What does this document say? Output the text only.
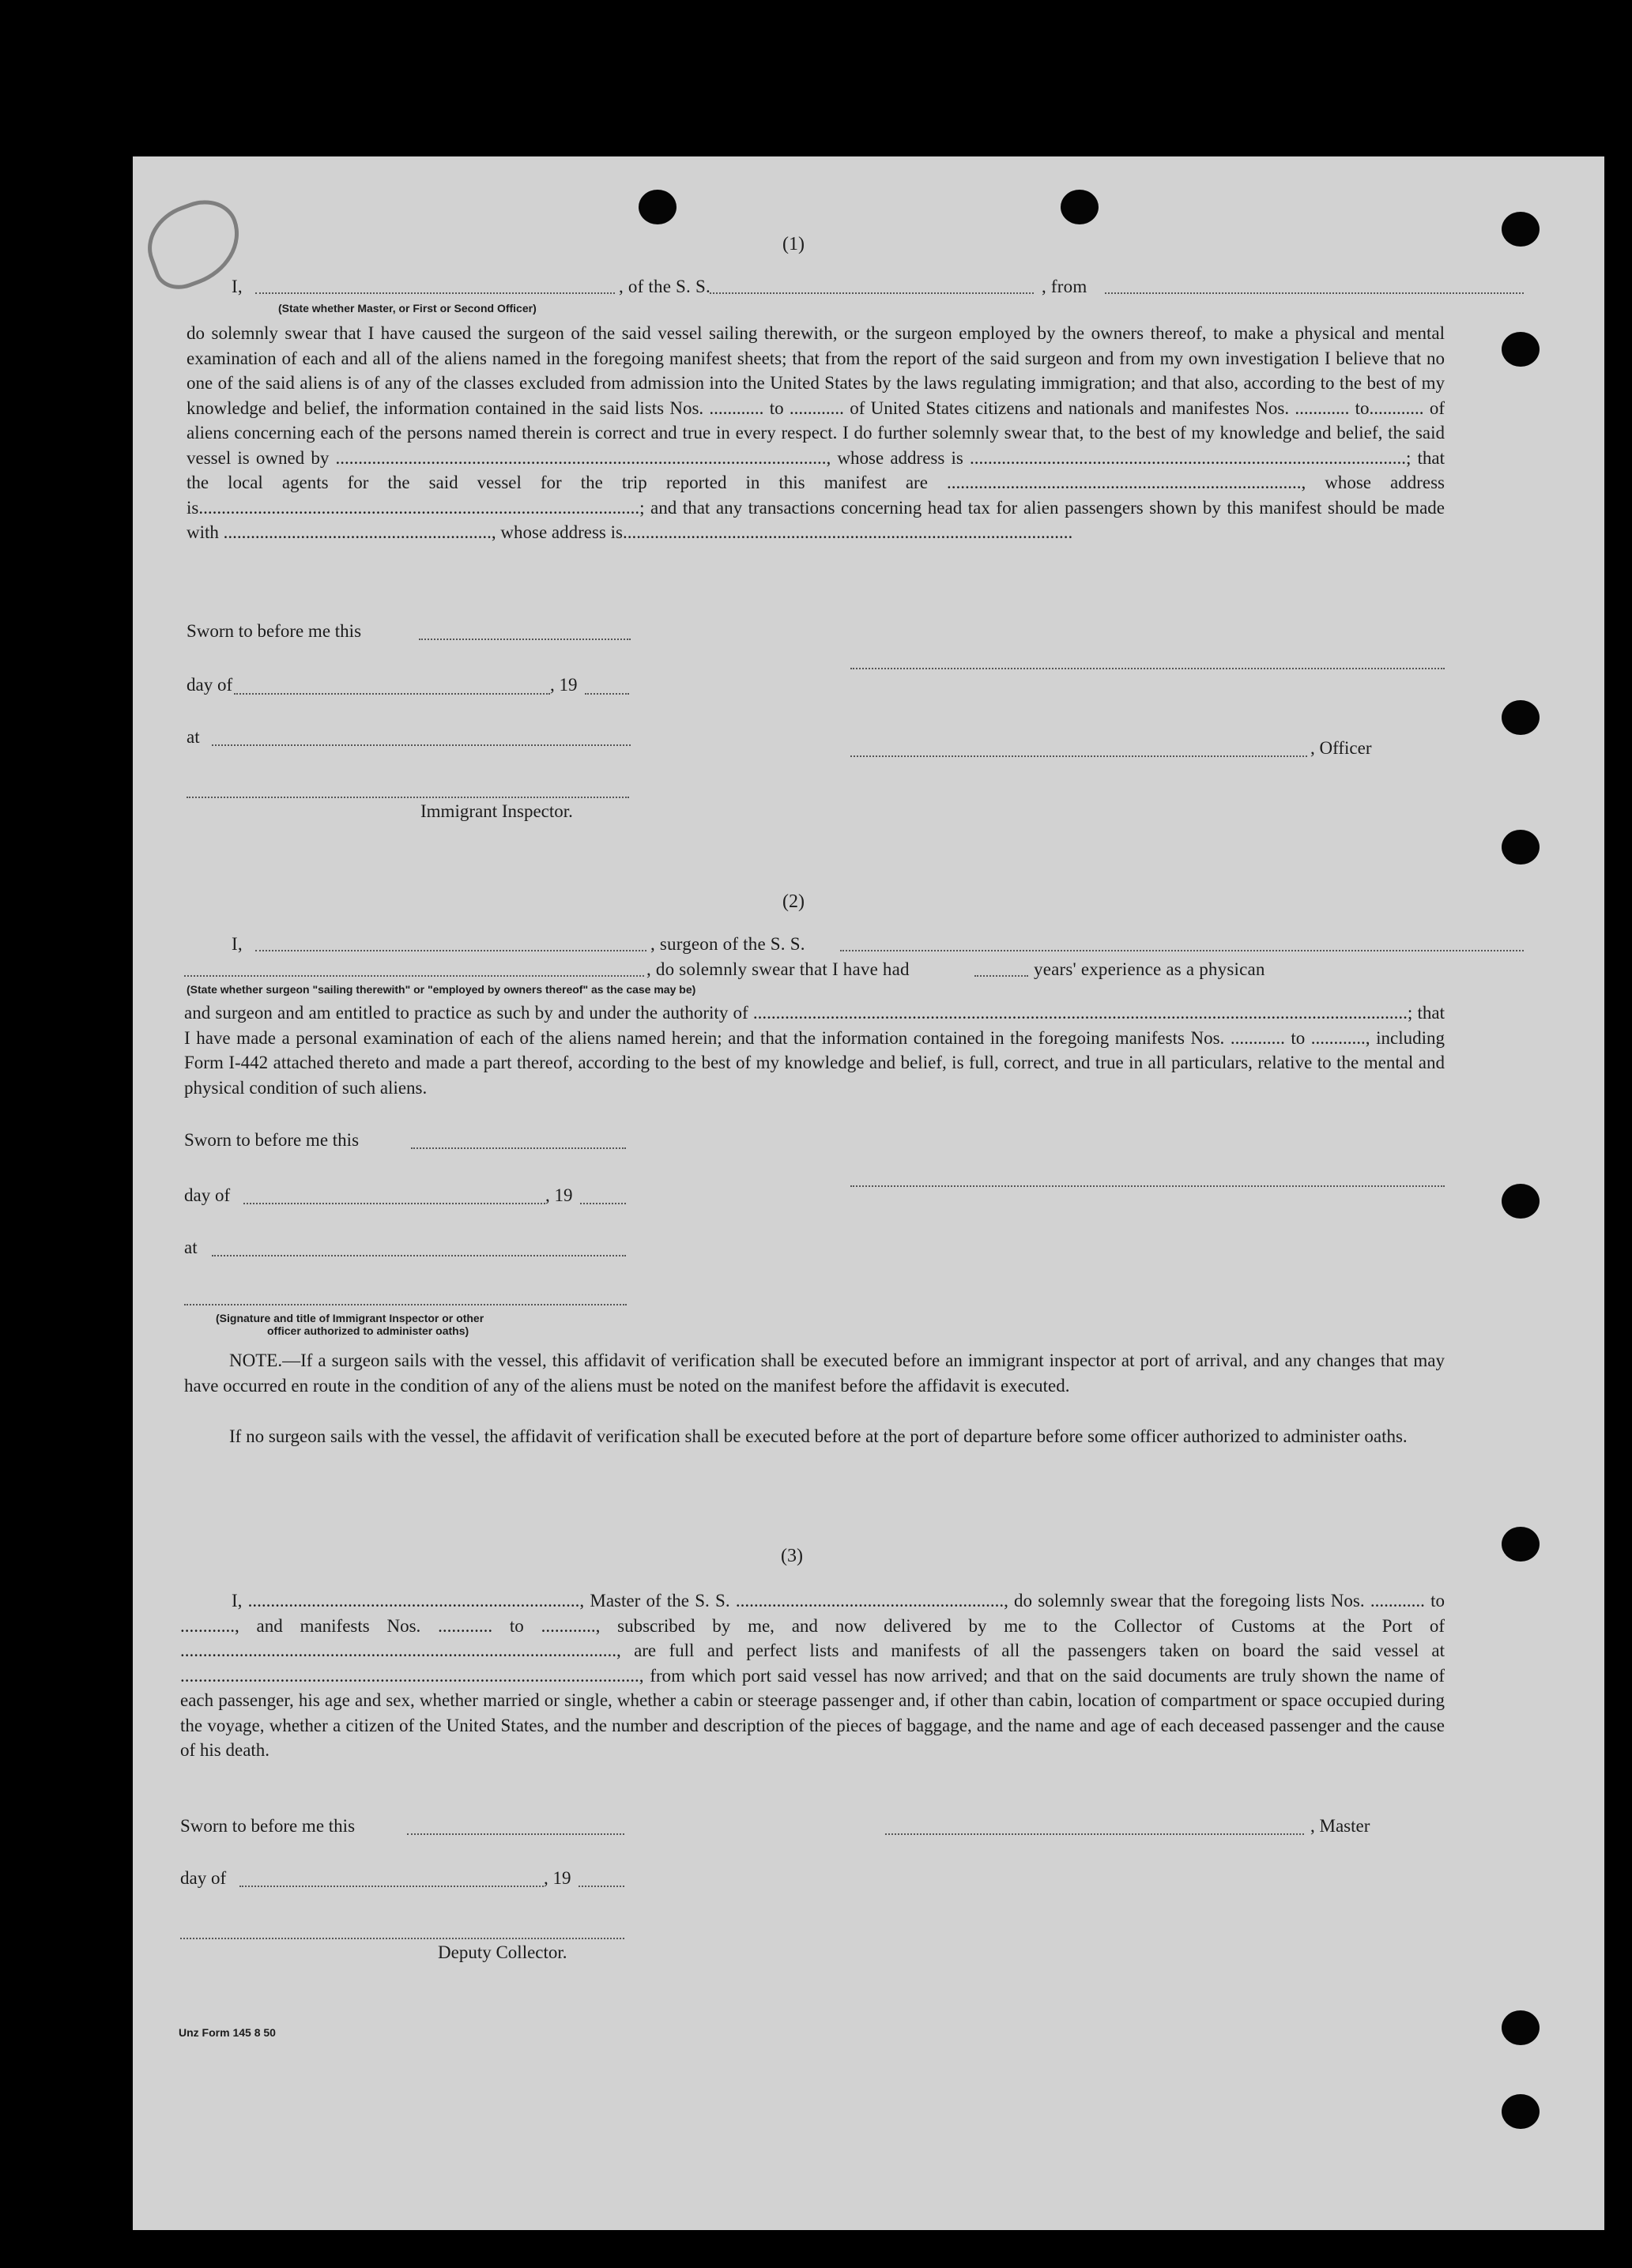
(1)
I,	, of the S. S.	, from
(State whether Master, or First or Second Officer)
do solemnly swear that I have caused the surgeon of the said vessel sailing therewith, or the surgeon employed by the owners thereof, to make a physical and mental examination of each and all of the aliens named in the foregoing manifest sheets; that from the report of the said surgeon and from my own investigation I believe that no one of the said aliens is of any of the classes excluded from admission into the United States by the laws regulating immigration; and that also, according to the best of my knowledge and belief, the information contained in the said lists Nos. ............ to ............ of United States citizens and nationals and manifestes Nos. ............ to............ of aliens concerning each of the persons named therein is correct and true in every respect. I do further solemnly swear that, to the best of my knowledge and belief, the said vessel is owned by ............................................................................................................, whose address is ................................................................................................; that the local agents for the said vessel for the trip reported in this manifest are .............................................................................., whose address is.................................................................................................; and that any transactions concerning head tax for alien passengers shown by this manifest should be made with ..........................................................., whose address is...................................................................................................
Sworn to before me this
day of	, 19
at
, Officer
Immigrant Inspector.
(2)
I,	, surgeon of the S. S.
, do solemnly swear that I have had	years' experience as a physican
(State whether surgeon "sailing therewith" or "employed by owners thereof" as the case may be)
and surgeon and am entitled to practice as such by and under the authority of ................................................................................................................................................; that I have made a personal examination of each of the aliens named herein; and that the information contained in the foregoing manifests Nos. ............ to ............, including Form I-442 attached thereto and made a part thereof, according to the best of my knowledge and belief, is full, correct, and true in all particulars, relative to the mental and physical condition of such aliens.
Sworn to before me this
day of	, 19
at
(Signature and title of Immigrant Inspector or other
officer authorized to administer oaths)
NOTE.—If a surgeon sails with the vessel, this affidavit of verification shall be executed before an immigrant inspector at port of arrival, and any changes that may have occurred en route in the condition of any of the aliens must be noted on the manifest before the affidavit is executed.
If no surgeon sails with the vessel, the affidavit of verification shall be executed before at the port of departure before some officer authorized to administer oaths.
(3)
I, ........................................................................., Master of the S. S. ..........................................................., do solemnly swear that the foregoing lists Nos. ............ to ............, and manifests Nos. ............ to ............, subscribed by me, and now delivered by me to the Collector of Customs at the Port of ................................................................................................, are full and perfect lists and manifests of all the passengers taken on board the said vessel at ....................................................................................................., from which port said vessel has now arrived; and that on the said documents are truly shown the name of each passenger, his age and sex, whether married or single, whether a cabin or steerage passenger and, if other than cabin, location of compartment or space occupied during the voyage, whether a citizen of the United States, and the number and description of the pieces of baggage, and the name and age of each deceased passenger and the cause of his death.
Sworn to before me this	, Master
day of	, 19
Deputy Collector.
Unz Form 145 8 50
